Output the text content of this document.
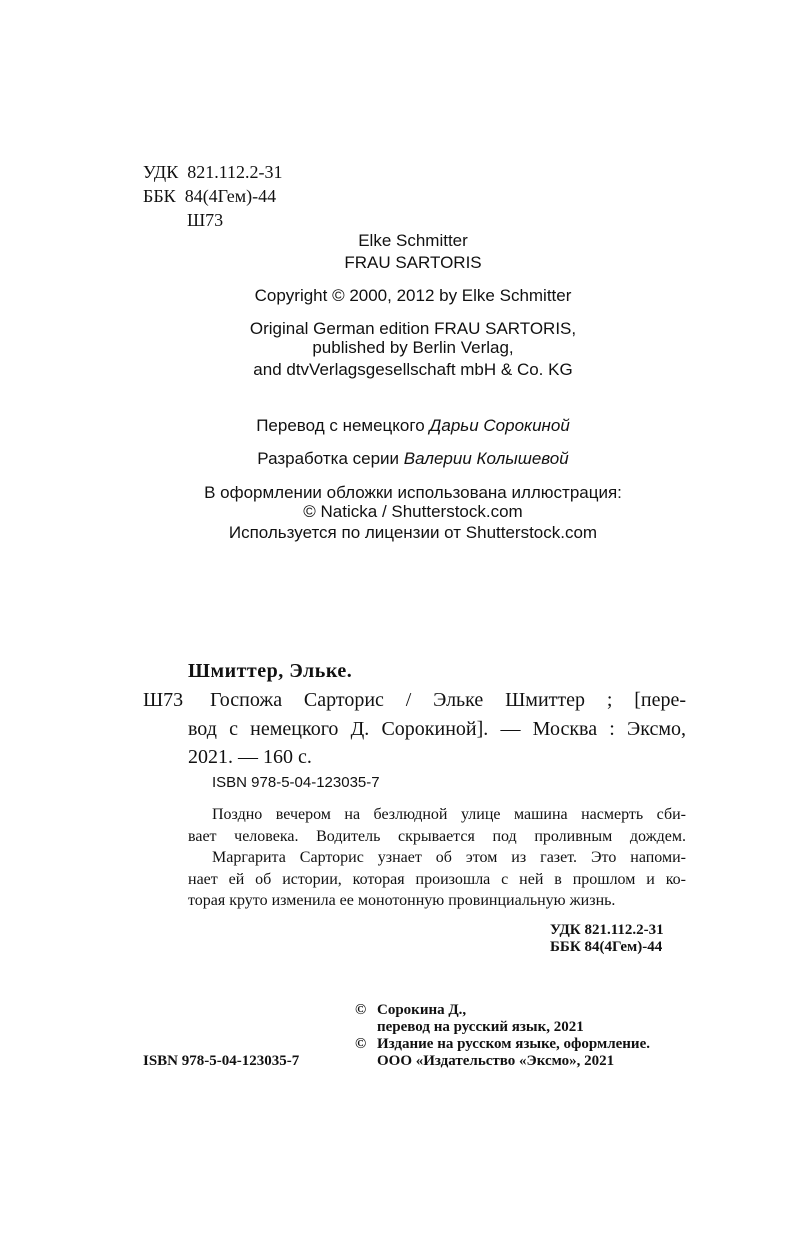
УДК 821.112.2-31
ББК 84(4Гем)-44
Ш73
Elke Schmitter
FRAU SARTORIS
Copyright © 2000, 2012 by Elke Schmitter
Original German edition FRAU SARTORIS,
published by Berlin Verlag,
and dtvVerlagsgesellschaft mbH & Co. KG
Перевод с немецкого Дарьи Сорокиной
Разработка серии Валерии Колышевой
В оформлении обложки использована иллюстрация:
© Naticka / Shutterstock.com
Используется по лицензии от Shutterstock.com
Шмиттер, Эльке.
Ш73 Госпожа Сарторис / Эльке Шмиттер ; [пере-
вод с немецкого Д. Сорокиной]. — Москва : Эксмо,
2021. — 160 с.
ISBN 978-5-04-123035-7
Поздно вечером на безлюдной улице машина насмерть сби-
вает человека. Водитель скрывается под проливным дождем.
Маргарита Сарторис узнает об этом из газет. Это напоми-
нает ей об истории, которая произошла с ней в прошлом и ко-
торая круто изменила ее монотонную провинциальную жизнь.
УДК 821.112.2-31
ББК 84(4Гем)-44
© Сорокина Д.,
перевод на русский язык, 2021
© Издание на русском языке, оформление.
ООО «Издательство «Эксмо», 2021
ISBN 978-5-04-123035-7
